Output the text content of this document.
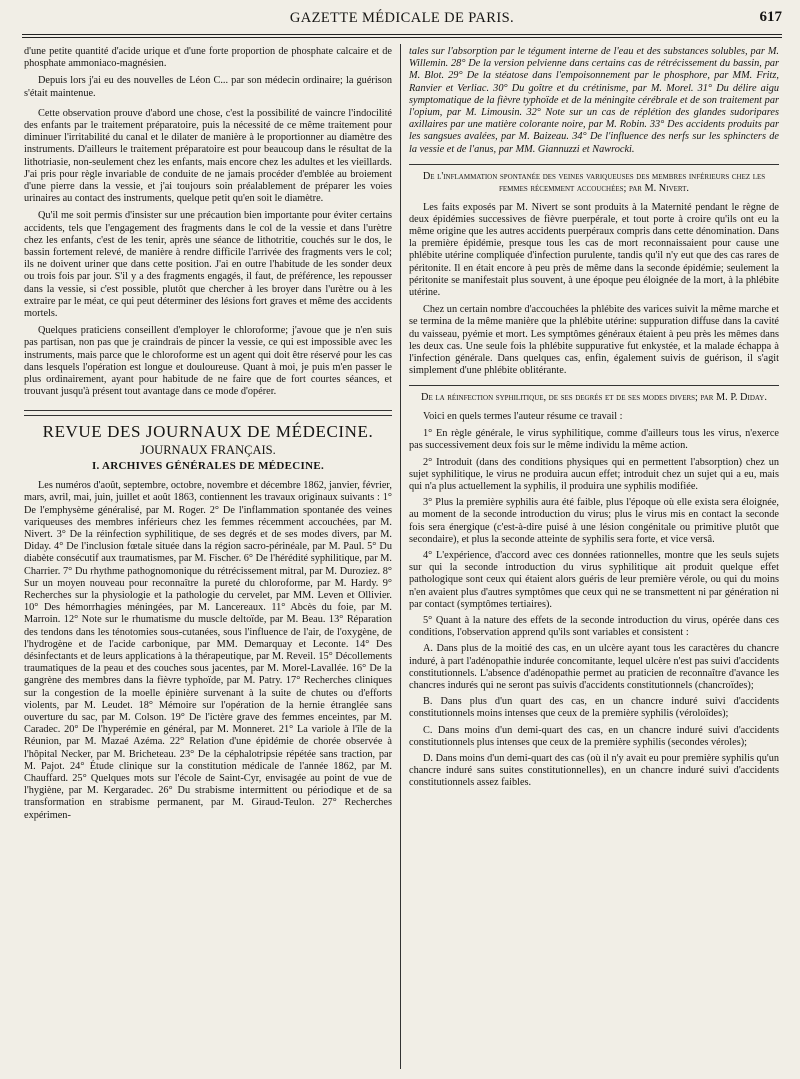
GAZETTE MÉDICALE DE PARIS.	617

d'une petite quantité d'acide urique et d'une forte proportion de phosphate calcaire et de phosphate ammoniaco-magnésien.

Depuis lors j'ai eu des nouvelles de Léon C... par son médecin ordinaire; la guérison s'était maintenue.

Cette observation prouve d'abord une chose, c'est la possibilité de vaincre l'indocilité des enfants par le traitement préparatoire, puis la nécessité de ce même traitement pour diminuer l'irritabilité du canal et le dilater de manière à le proportionner au diamètre des instruments. D'ailleurs le traitement préparatoire est pour beaucoup dans le résultat de la lithotriasie, non-seulement chez les enfants, mais encore chez les adultes et les vieillards. J'ai pris pour règle invariable de conduite de ne jamais procéder d'emblée au broiement d'une pierre dans la vessie, et j'ai toujours soin préalablement de préparer les voies urinaires au contact des instruments, quelque petit qu'en soit le diamètre.

Qu'il me soit permis d'insister sur une précaution bien importante pour éviter certains accidents, tels que l'engagement des fragments dans le col de la vessie et dans l'urètre chez les enfants, c'est de les tenir, après une séance de lithotritie, couchés sur le dos, le bassin fortement relevé, de manière à rendre difficile l'arrivée des fragments vers le col; ils ne doivent uriner que dans cette position. J'ai en outre l'habitude de les sonder deux ou trois fois par jour. S'il y a des fragments engagés, il faut, de préférence, les repousser dans la vessie, si c'est possible, plutôt que chercher à les broyer dans l'urètre ou à les extraire par le méat, ce qui peut déterminer des lésions fort graves et même des accidents mortels.

Quelques praticiens conseillent d'employer le chloroforme; j'avoue que je n'en suis pas partisan, non pas que je craindrais de pincer la vessie, ce qui est impossible avec les instruments, mais parce que le chloroforme est un agent qui doit être réservé pour les cas dans lesquels l'opération est longue et douloureuse. Quant à moi, je puis m'en passer le plus ordinairement, ayant pour habitude de ne faire que de fort courtes séances, et trouvant jusqu'à présent tout avantage dans ce mode d'opérer.

REVUE DES JOURNAUX DE MÉDECINE.
JOURNAUX FRANÇAIS.
I. ARCHIVES GÉNÉRALES DE MÉDECINE.

Les numéros d'août, septembre, octobre, novembre et décembre 1862, janvier, février, mars, avril, mai, juin, juillet et août 1863, contiennent les travaux originaux suivants : 1° De l'emphysème généralisé, par M. Roger. 2° De l'inflammation spontanée des veines variqueuses des membres inférieurs chez les femmes récemment accouchées, par M. Nivert. 3° De la réinfection syphilitique, de ses degrés et de ses modes divers, par M. Diday. 4° De l'inclusion fœtale située dans la région sacro-périnéale, par M. Paul. 5° Du diabète consécutif aux traumatismes, par M. Fischer. 6° De l'hérédité syphilitique, par M. Charrier. 7° Du rhythme pathognomonique du rétrécissement mitral, par M. Duroziez. 8° Sur un moyen nouveau pour reconnaître la pureté du chloroforme, par M. Hardy. 9° Recherches sur la physiologie et la pathologie du cervelet, par MM. Leven et Ollivier. 10° Des hémorrhagies méningées, par M. Lancereaux. 11° Abcès du foie, par M. Marroin. 12° Note sur le rhumatisme du muscle deltoïde, par M. Beau. 13° Réparation des tendons dans les ténotomies sous-cutanées, sous l'influence de l'air, de l'oxygène, de l'hydrogène et de l'acide carbonique, par MM. Demarquay et Leconte. 14° Des désinfectants et de leurs applications à la thérapeutique, par M. Reveil. 15° Décollements traumatiques de la peau et des couches sous jacentes, par M. Morel-Lavallée. 16° De la gangrène des membres dans la fièvre typhoïde, par M. Patry. 17° Recherches cliniques sur la congestion de la moelle épinière survenant à la suite de chutes ou d'efforts violents, par M. Leudet. 18° Mémoire sur l'opération de la hernie étranglée sans ouverture du sac, par M. Colson. 19° De l'ictère grave des femmes enceintes, par M. Caradec. 20° De l'hyperémie en général, par M. Monneret. 21° La variole à l'île de la Réunion, par M. Mazaé Azéma. 22° Relation d'une épidémie de chorée observée à l'hôpital Necker, par M. Bricheteau. 23° De la céphalotripsie répétée sans traction, par M. Pajot. 24° Étude clinique sur la constitution médicale de l'année 1862, par M. Chauffard. 25° Quelques mots sur l'école de Saint-Cyr, envisagée au point de vue de l'hygiène, par M. Kergaradec. 26° Du strabisme intermittent ou périodique et de sa transformation en strabisme permanent, par M. Giraud-Teulon. 27° Recherches expérimen-

tales sur l'absorption par le tégument interne de l'eau et des substances solubles, par M. Willemin. 28° De la version pelvienne dans certains cas de rétrécissement du bassin, par M. Blot. 29° De la stéatose dans l'empoisonnement par le phosphore, par MM. Fritz, Ranvier et Verliac. 30° Du goître et du crétinisme, par M. Morel. 31° Du délire aigu symptomatique de la fièvre typhoïde et de la méningite cérébrale et de son traitement par l'opium, par M. Limousin. 32° Note sur un cas de réplétion des glandes sudoripares axillaires par une matière colorante noire, par M. Robin. 33° Des accidents produits par les sangsues avalées, par M. Baizeau. 34° De l'influence des nerfs sur les sphincters de la vessie et de l'anus, par MM. Giannuzzi et Nawrocki.

De l'inflammation spontanée des veines variqueuses des membres inférieurs chez les femmes récemment accouchées; par M. Nivert.

Les faits exposés par M. Nivert se sont produits à la Maternité pendant le règne de deux épidémies successives de fièvre puerpérale, et tout porte à croire qu'ils ont eu la même origine que les autres accidents puerpéraux compris dans cette dénomination. Dans la première épidémie, presque tous les cas de mort reconnaissaient pour cause une phlébite utérine compliquée d'infection purulente, tandis qu'il n'y eut que des cas rares de péritonite. Il en était encore à peu près de même dans la seconde épidémie; seulement la péritonite se manifestait plus souvent, à une époque peu éloignée de la mort, à la phlébite utérine.

Chez un certain nombre d'accouchées la phlébite des varices suivit la même marche et se termina de la même manière que la phlébite utérine: suppuration diffuse dans la cavité du vaisseau, pyémie et mort. Les symptômes généraux étaient à peu près les mêmes dans les deux cas. Une seule fois la phlébite suppurative fut enkystée, et la malade échappa à l'infection générale. Dans quelques cas, enfin, également suivis de guérison, il s'agit simplement d'une phlébite oblitérante.

De la réinfection syphilitique, de ses degrés et de ses modes divers; par M. P. Diday.

Voici en quels termes l'auteur résume ce travail :

1° En règle générale, le virus syphilitique, comme d'ailleurs tous les virus, n'exerce pas successivement deux fois sur le même individu la même action.

2° Introduit (dans des conditions physiques qui en permettent l'absorption) chez un sujet syphilitique, le virus ne produira aucun effet; introduit chez un sujet qui a eu, mais qui n'a plus actuellement la syphilis, il produira une syphilis modifiée.

3° Plus la première syphilis aura été faible, plus l'époque où elle exista sera éloignée, au moment de la seconde introduction du virus; plus le virus mis en contact la seconde fois sera énergique (c'est-à-dire puisé à une lésion congénitale ou primitive plutôt que secondaire), et plus la seconde atteinte de syphilis sera forte, et vice versâ.

4° L'expérience, d'accord avec ces données rationnelles, montre que les seuls sujets sur qui la seconde introduction du virus syphilitique ait produit quelque effet pathologique sont ceux qui étaient alors guéris de leur première vérole, ou qui du moins n'en avaient plus d'autres symptômes que ceux qui ne se transmettent ni par génération ni par contact (symptômes tertiaires).

5° Quant à la nature des effets de la seconde introduction du virus, opérée dans ces conditions, l'observation apprend qu'ils sont variables et consistent :

A. Dans plus de la moitié des cas, en un ulcère ayant tous les caractères du chancre induré, à part l'adénopathie indurée concomitante, lequel ulcère n'est pas suivi d'accidents constitutionnels. L'absence d'adénopathie permet au praticien de reconnaître d'avance les chancres indurés qui ne seront pas suivis d'accidents constitutionnels (chancroïdes);

B. Dans plus d'un quart des cas, en un chancre induré suivi d'accidents constitutionnels moins intenses que ceux de la première syphilis (véroloïdes);

C. Dans moins d'un demi-quart des cas, en un chancre induré suivi d'accidents constitutionnels plus intenses que ceux de la première syphilis (secondes véroles);

D. Dans moins d'un demi-quart des cas (où il n'y avait eu pour première syphilis qu'un chancre induré sans suites constitutionnelles), en un chancre induré suivi d'accidents constitutionnels assez faibles.
